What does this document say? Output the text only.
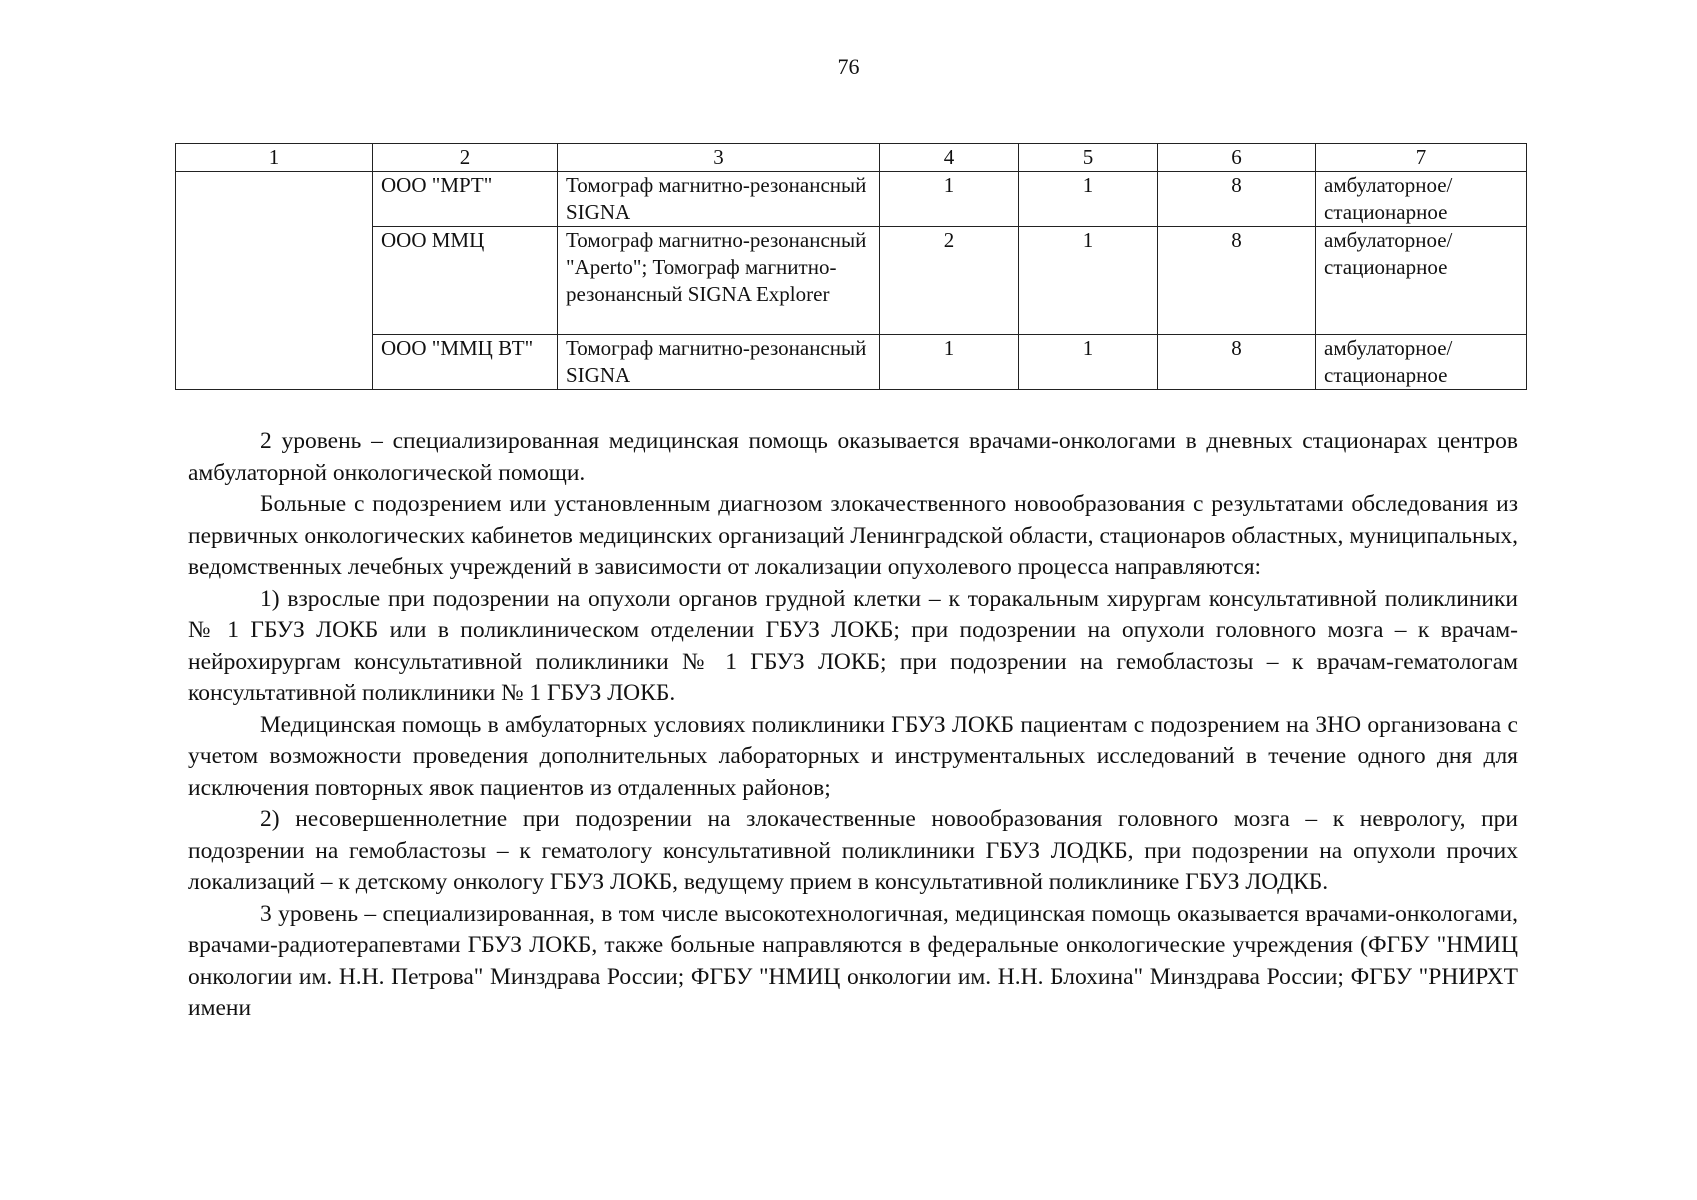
76
1	2	3	4	5	6	7
	ООО "МРТ"	Томограф магнитно-резонансный SIGNA	1	1	8	амбулаторное/ стационарное
	ООО ММЦ	Томограф магнитно-резонансный "Aperto"; Томограф магнитно-резонансный SIGNA Explorer	2	1	8	амбулаторное/ стационарное
	ООО "ММЦ ВТ"	Томограф магнитно-резонансный SIGNA	1	1	8	амбулаторное/ стационарное

2 уровень – специализированная медицинская помощь оказывается врачами-онкологами в дневных стационарах центров амбулаторной онкологической помощи.

Больные с подозрением или установленным диагнозом злокачественного новообразования с результатами обследования из первичных онкологических кабинетов медицинских организаций Ленинградской области, стационаров областных, муниципальных, ведомственных лечебных учреждений в зависимости от локализации опухолевого процесса направляются:

1) взрослые при подозрении на опухоли органов грудной клетки – к торакальным хирургам консультативной поликлиники № 1 ГБУЗ ЛОКБ или в поликлиническом отделении ГБУЗ ЛОКБ; при подозрении на опухоли головного мозга – к врачам-нейрохирургам консультативной поликлиники № 1 ГБУЗ ЛОКБ; при подозрении на гемобластозы – к врачам-гематологам консультативной поликлиники № 1 ГБУЗ ЛОКБ.

Медицинская помощь в амбулаторных условиях поликлиники ГБУЗ ЛОКБ пациентам с подозрением на ЗНО организована с учетом возможности проведения дополнительных лабораторных и инструментальных исследований в течение одного дня для исключения повторных явок пациентов из отдаленных районов;

2) несовершеннолетние при подозрении на злокачественные новообразования головного мозга – к неврологу, при подозрении на гемобластозы – к гематологу консультативной поликлиники ГБУЗ ЛОДКБ, при подозрении на опухоли прочих локализаций – к детскому онкологу ГБУЗ ЛОКБ, ведущему прием в консультативной поликлинике ГБУЗ ЛОДКБ.

3 уровень – специализированная, в том числе высокотехнологичная, медицинская помощь оказывается врачами-онкологами, врачами-радиотерапевтами ГБУЗ ЛОКБ, также больные направляются в федеральные онкологические учреждения (ФГБУ "НМИЦ онкологии им. Н.Н. Петрова" Минздрава России; ФГБУ "НМИЦ онкологии им. Н.Н. Блохина" Минздрава России; ФГБУ "РНИРХТ имени
